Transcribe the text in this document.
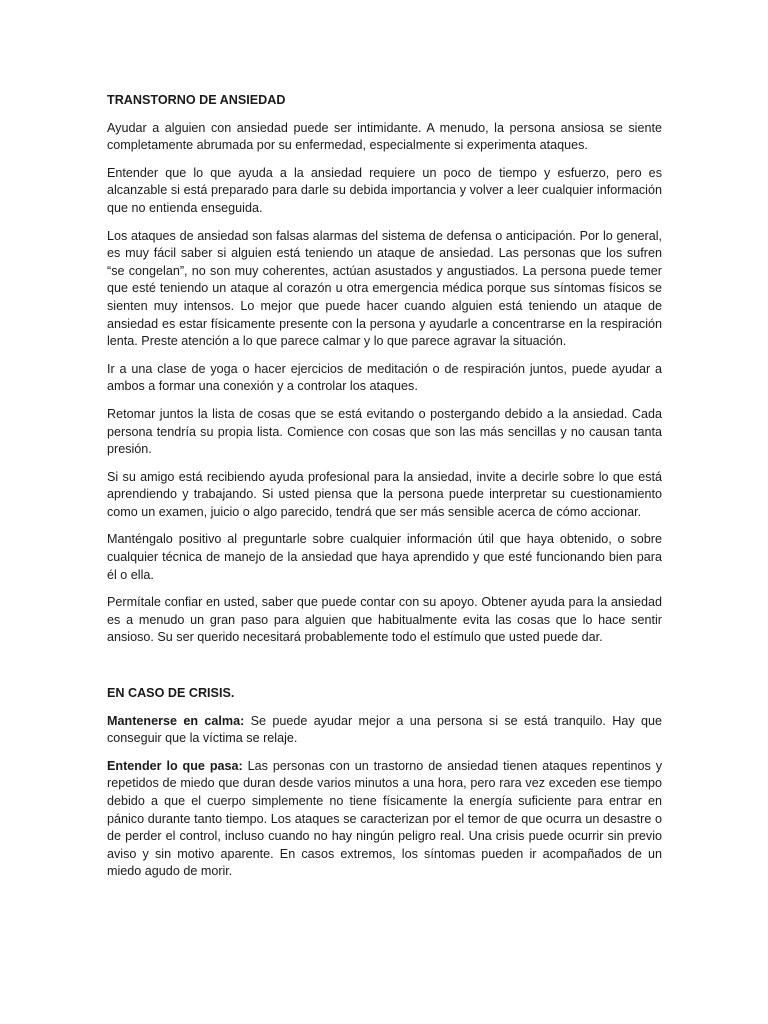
TRANSTORNO DE ANSIEDAD

Ayudar a alguien con ansiedad puede ser intimidante. A menudo, la persona ansiosa se siente completamente abrumada por su enfermedad, especialmente si experimenta ataques.

Entender que lo que ayuda a la ansiedad requiere un poco de tiempo y esfuerzo, pero es alcanzable si está preparado para darle su debida importancia y volver a leer cualquier información que no entienda enseguida.

Los ataques de ansiedad son falsas alarmas del sistema de defensa o anticipación. Por lo general, es muy fácil saber si alguien está teniendo un ataque de ansiedad. Las personas que los sufren “se congelan”, no son muy coherentes, actúan asustados y angustiados. La persona puede temer que esté teniendo un ataque al corazón u otra emergencia médica porque sus síntomas físicos se sienten muy intensos. Lo mejor que puede hacer cuando alguien está teniendo un ataque de ansiedad es estar físicamente presente con la persona y ayudarle a concentrarse en la respiración lenta. Preste atención a lo que parece calmar y lo que parece agravar la situación.

Ir a una clase de yoga o hacer ejercicios de meditación o de respiración juntos, puede ayudar a ambos a formar una conexión y a controlar los ataques.

Retomar juntos la lista de cosas que se está evitando o postergando debido a la ansiedad. Cada persona tendría su propia lista. Comience con cosas que son las más sencillas y no causan tanta presión.

Si su amigo está recibiendo ayuda profesional para la ansiedad, invite a decirle sobre lo que está aprendiendo y trabajando. Si usted piensa que la persona puede interpretar su cuestionamiento como un examen, juicio o algo parecido, tendrá que ser más sensible acerca de cómo accionar.

Manténgalo positivo al preguntarle sobre cualquier información útil que haya obtenido, o sobre cualquier técnica de manejo de la ansiedad que haya aprendido y que esté funcionando bien para él o ella.

Permítale confiar en usted, saber que puede contar con su apoyo. Obtener ayuda para la ansiedad es a menudo un gran paso para alguien que habitualmente evita las cosas que lo hace sentir ansioso. Su ser querido necesitará probablemente todo el estímulo que usted puede dar.

EN CASO DE CRISIS.

Mantenerse en calma: Se puede ayudar mejor a una persona si se está tranquilo. Hay que conseguir que la víctima se relaje.

Entender lo que pasa: Las personas con un trastorno de ansiedad tienen ataques repentinos y repetidos de miedo que duran desde varios minutos a una hora, pero rara vez exceden ese tiempo debido a que el cuerpo simplemente no tiene físicamente la energía suficiente para entrar en pánico durante tanto tiempo. Los ataques se caracterizan por el temor de que ocurra un desastre o de perder el control, incluso cuando no hay ningún peligro real. Una crisis puede ocurrir sin previo aviso y sin motivo aparente. En casos extremos, los síntomas pueden ir acompañados de un miedo agudo de morir.
